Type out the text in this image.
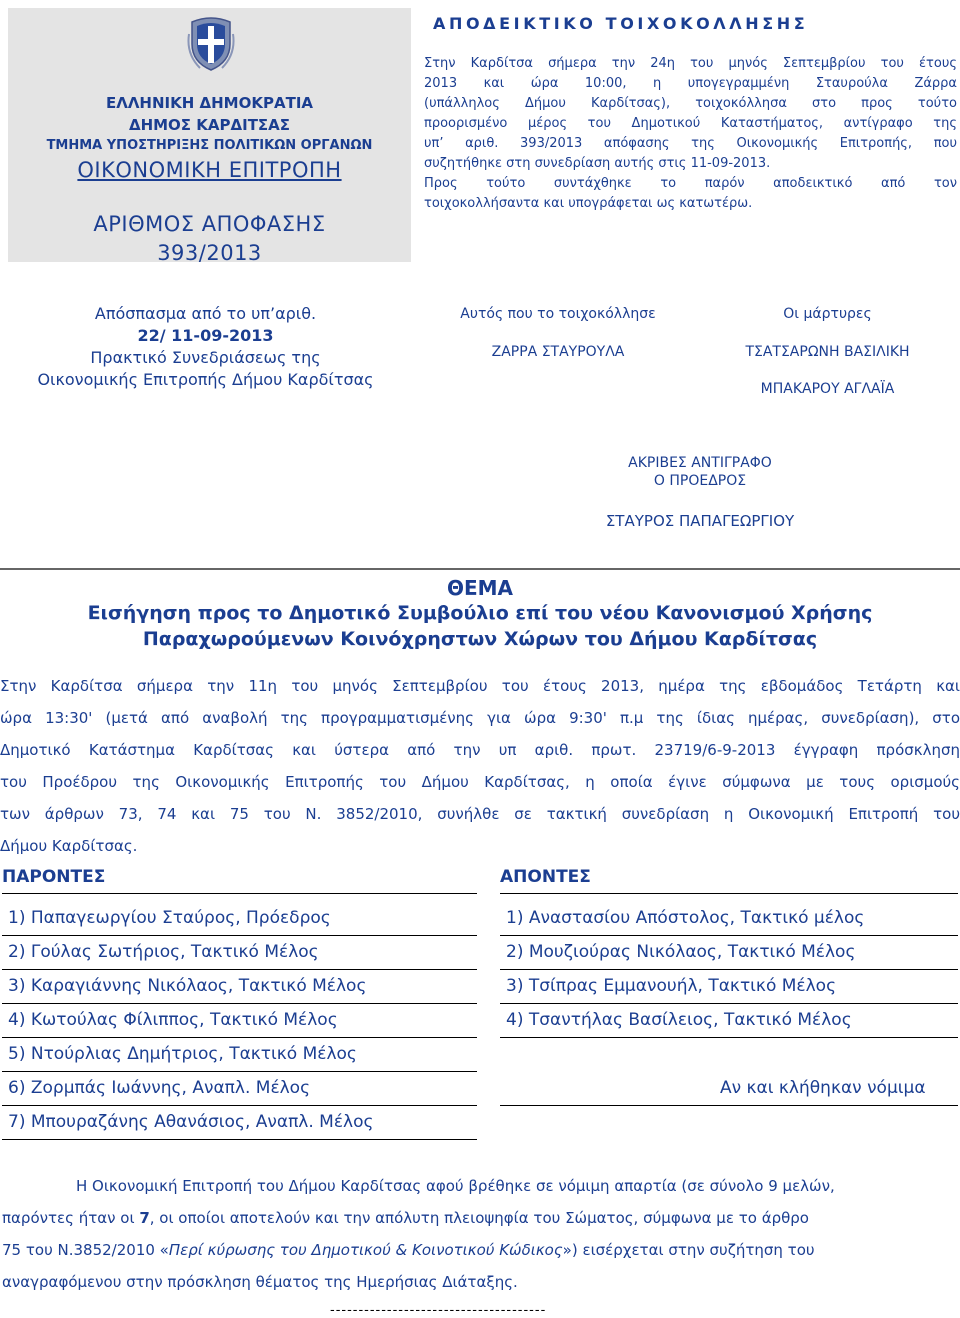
ΕΛΛΗΝΙΚΗ ΔΗΜΟΚΡΑΤΙΑ
ΔΗΜΟΣ ΚΑΡΔΙΤΣΑΣ
ΤΜΗΜΑ ΥΠΟΣΤΗΡΙΞΗΣ ΠΟΛΙΤΙΚΩΝ ΟΡΓΑΝΩΝ
ΟΙΚΟΝΟΜΙΚΗ ΕΠΙΤΡΟΠΗ
ΑΡΙΘΜΟΣ ΑΠΟΦΑΣΗΣ
393/2013
ΑΠΟΔΕΙΚΤΙΚΟ ΤΟΙΧΟΚΟΛΛΗΣΗΣ

Στην Καρδίτσα σήμερα την 24η του μηνός Σεπτεμβρίου του έτους

2013 και ώρα 10:00, η υπογεγραμμένη Σταυρούλα Ζάρρα

(υπάλληλος Δήμου Καρδίτσας), τοιχοκόλλησα στο προς τούτο

προορισμένο μέρος του Δημοτικού Καταστήματος, αντίγραφο της

υπ’ αριθ. 393/2013 απόφασης της Οικονομικής Επιτροπής, που

συζητήθηκε στη συνεδρίαση αυτής στις 11-09-2013.

Προς τούτο συντάχθηκε το παρόν αποδεικτικό από τον

τοιχοκολλήσαντα και υπογράφεται ως κατωτέρω.

Απόσπασμα από το υπ’αριθ.
22/ 11-09-2013
Πρακτικό Συνεδριάσεως της
Οικονομικής Επιτροπής Δήμου Καρδίτσας
Αυτός που το τοιχοκόλλησε
ΖΑΡΡΑ ΣΤΑΥΡΟΥΛΑ
Οι μάρτυρες
ΤΣΑΤΣΑΡΩΝΗ ΒΑΣΙΛΙΚΗ
ΜΠΑΚΑΡΟΥ ΑΓΛΑΪΑ
ΑΚΡΙΒΕΣ ΑΝΤΙΓΡΑΦΟ
Ο ΠΡΟΕΔΡΟΣ
ΣΤΑΥΡΟΣ ΠΑΠΑΓΕΩΡΓΙΟΥ
ΘΕΜΑ
Εισήγηση προς το Δημοτικό Συμβούλιο επί του νέου Κανονισμού Χρήσης
Παραχωρούμενων Κοινόχρηστων Χώρων του Δήμου Καρδίτσας
Στην Καρδίτσα σήμερα την 11η του μηνός Σεπτεμβρίου του έτους 2013, ημέρα της εβδομάδος Τετάρτη και
ώρα 13:30' (μετά από αναβολή της προγραμματισμένης για ώρα 9:30' π.μ της ίδιας ημέρας, συνεδρίαση), στο
Δημοτικό Κατάστημα Καρδίτσας και ύστερα από την υπ αριθ. πρωτ. 23719/6-9-2013 έγγραφη πρόσκληση
του Προέδρου της Οικονομικής Επιτροπής του Δήμου Καρδίτσας, η οποία έγινε σύμφωνα με τους ορισμούς
των άρθρων 73, 74 και 75 του Ν. 3852/2010, συνήλθε σε τακτική συνεδρίαση η Οικονομική Επιτροπή του
Δήμου Καρδίτσας.
ΠΑΡΟΝΤΕΣ	ΑΠΟΝΤΕΣ
1) Παπαγεωργίου Σταύρος, Πρόεδρος
2) Γούλας Σωτήριος, Τακτικό Μέλος
3) Καραγιάννης Νικόλαος, Τακτικό Μέλος
4) Κωτούλας Φίλιππος, Τακτικό Μέλος
5) Ντούρλιας Δημήτριος, Τακτικό Μέλος
6) Ζορμπάς Ιωάννης, Αναπλ. Μέλος
7) Μπουραζάνης Αθανάσιος, Αναπλ. Μέλος
1) Αναστασίου Απόστολος, Τακτικό μέλος
2) Μουζιούρας Νικόλαος, Τακτικό Μέλος
3) Τσίπρας Εμμανουήλ, Τακτικό Μέλος
4) Τσαντήλας Βασίλειος, Τακτικό Μέλος
Αν και κλήθηκαν νόμιμα
Η Οικονομική Επιτροπή του Δήμου Καρδίτσας αφού βρέθηκε σε νόμιμη απαρτία (σε σύνολο 9 μελών,
παρόντες ήταν οι 7, οι οποίοι αποτελούν και την απόλυτη πλειοψηφία του Σώματος, σύμφωνα με το άρθρο
75 του Ν.3852/2010 «Περί κύρωσης του Δημοτικού & Κοινοτικού Κώδικος») εισέρχεται στην συζήτηση του
αναγραφόμενου στην πρόσκληση θέματος της Ημερήσιας Διάταξης.
--------------------------------------
